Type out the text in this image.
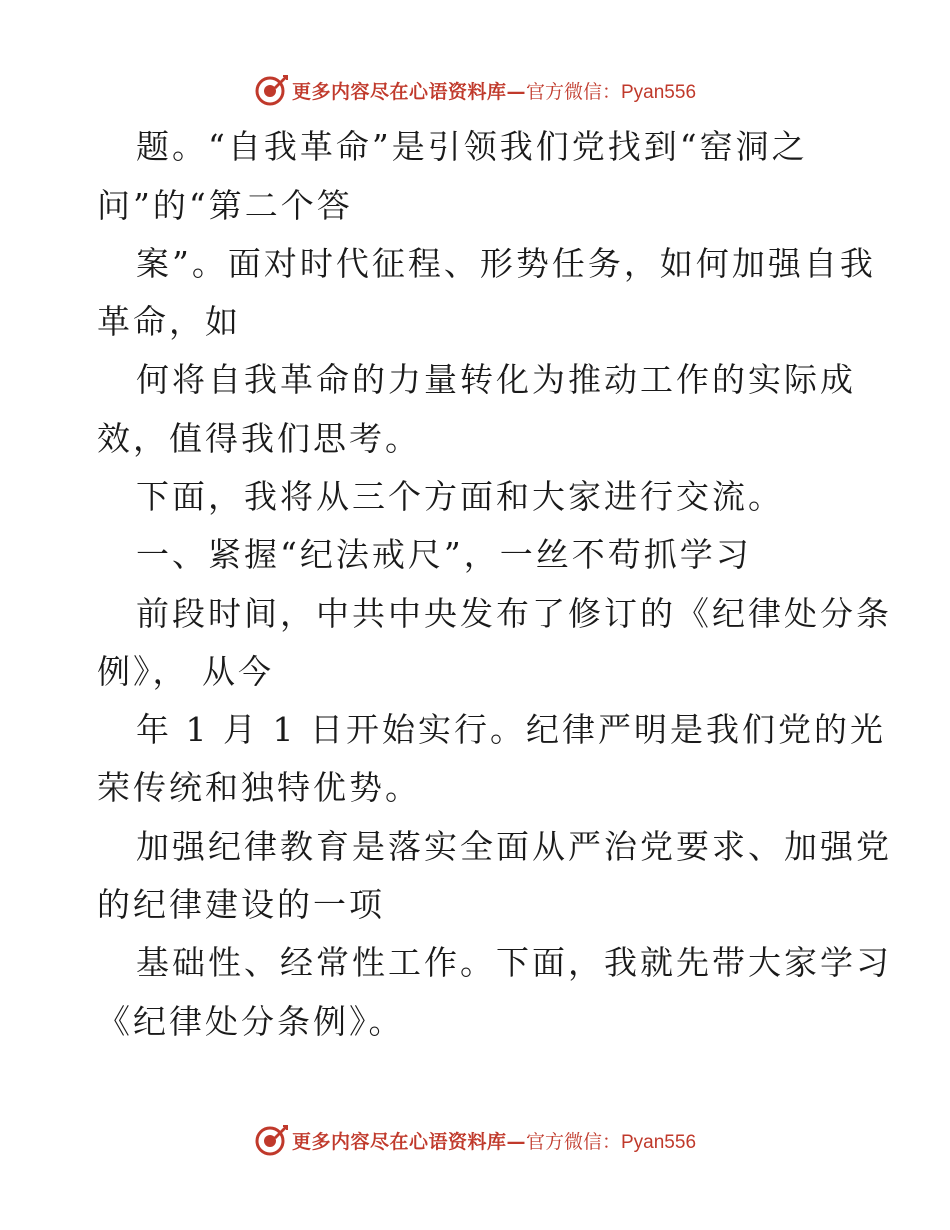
更多内容尽在心语资料库— 官方微信：Pyan556
题。“自我革命”是引领我们党找到“窑洞之
问”的“第二个答
案”。面对时代征程、形势任务，如何加强自我
革命，如
何将自我革命的力量转化为推动工作的实际成
效，值得我们思考。
下面，我将从三个方面和大家进行交流。
一、紧握“纪法戒尺”，一丝不苟抓学习
前段时间，中共中央发布了修订的《纪律处分条
例》， 从今
年 1 月 1 日开始实行。纪律严明是我们党的光
荣传统和独特优势。
加强纪律教育是落实全面从严治党要求、加强党
的纪律建设的一项
基础性、经常性工作。下面，我就先带大家学习
《纪律处分条例》。
更多内容尽在心语资料库— 官方微信：Pyan556
